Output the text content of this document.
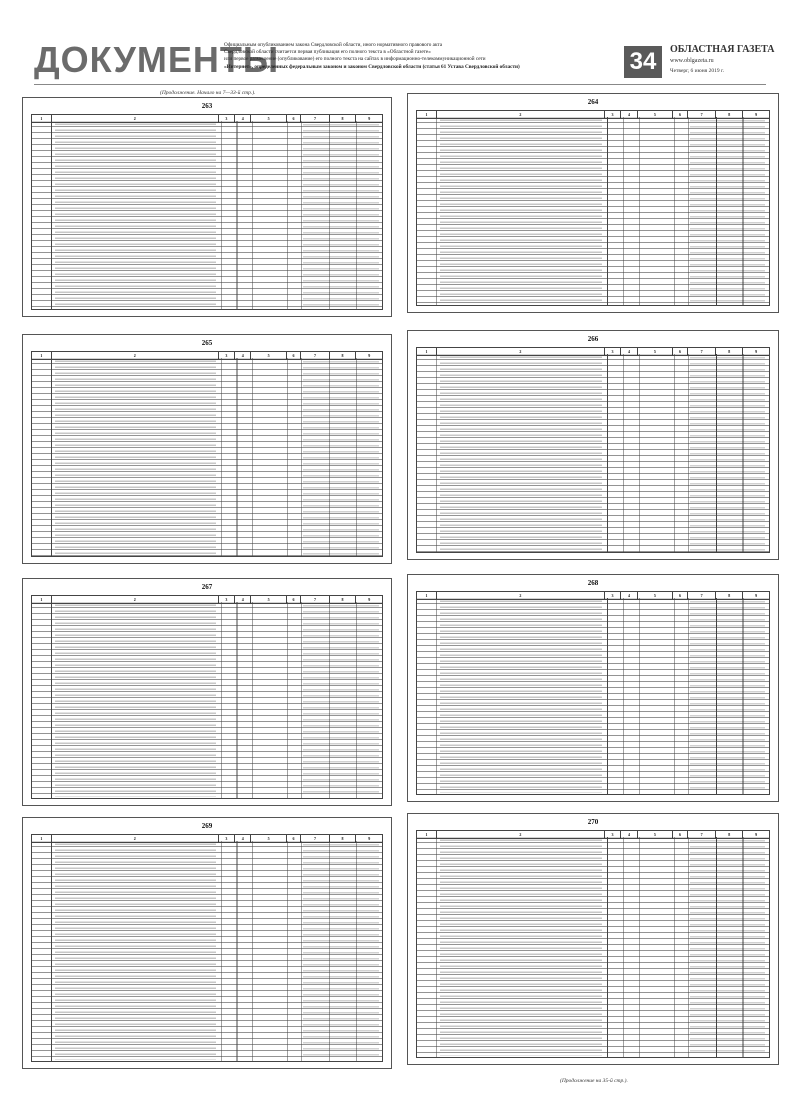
ДОКУМЕНТЫ
Официальным опубликованием закона Свердловской области, иного нормативного правового акта
Свердловской области считается первая публикация его полного текста в «Областной газете»
или первое размещение (опубликование) его полного текста на сайтах в информационно-телекоммуникационной сети
«Интернет», определенных федеральным законом и законом Свердловской области (статья 61 Устава Свердловской области)	34	ОБЛАСТНАЯ ГАЗЕТА
www.oblgazeta.ru
Четверг, 6 июня 2019 г.
(Продолжение. Начало на 7—33-й стр.).
263
1	2	3	4	5	6	7	8	9
264
1	2	3	4	5	6	7	8	9
265
1	2	3	4	5	6	7	8	9
266
1	2	3	4	5	6	7	8	9
267
1	2	3	4	5	6	7	8	9
268
1	2	3	4	5	6	7	8	9
269
1	2	3	4	5	6	7	8	9
270
1	2	3	4	5	6	7	8	9
(Продолжение на 35-й стр.).
